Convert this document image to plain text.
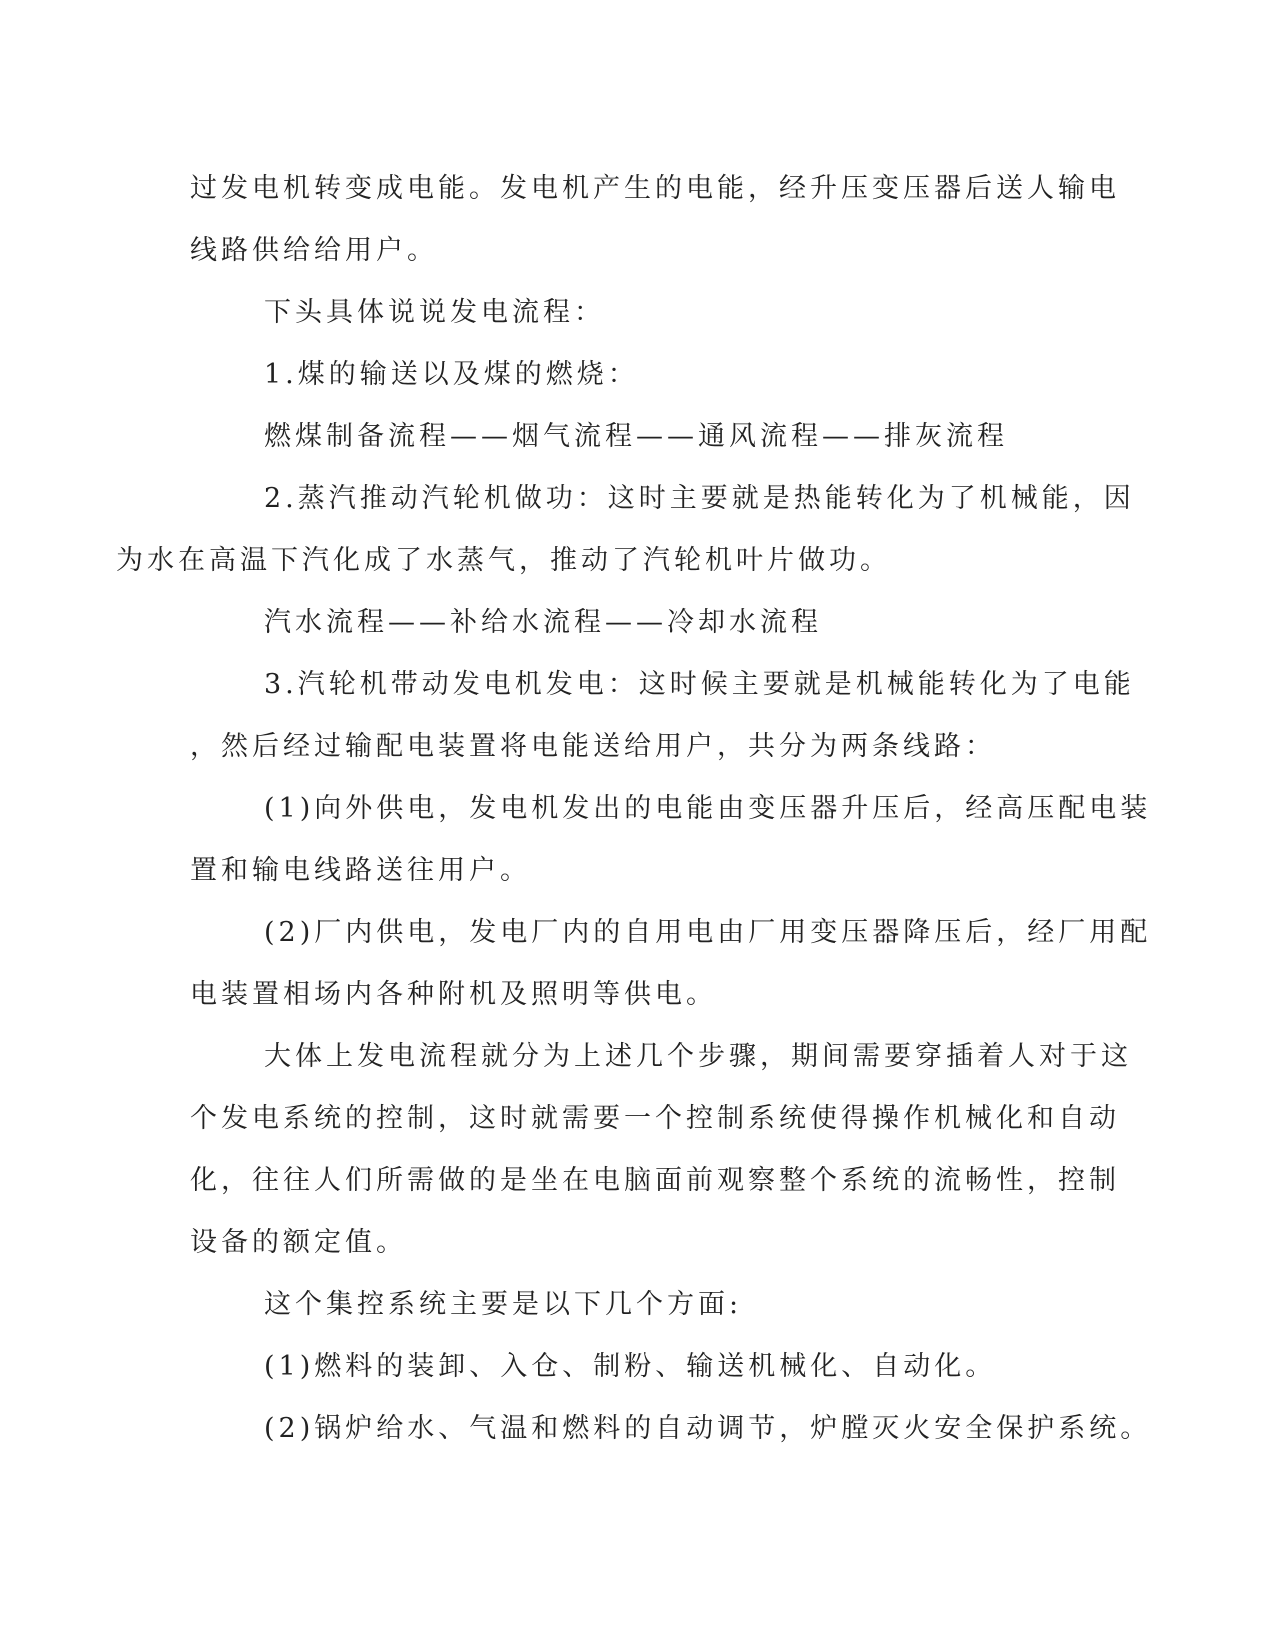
过发电机转变成电能。发电机产生的电能，经升压变压器后送人输电
线路供给给用户。

下头具体说说发电流程：

1.煤的输送以及煤的燃烧：

燃煤制备流程——烟气流程——通风流程——排灰流程

2.蒸汽推动汽轮机做功：这时主要就是热能转化为了机械能，因
为水在高温下汽化成了水蒸气，推动了汽轮机叶片做功。

汽水流程——补给水流程——冷却水流程

3.汽轮机带动发电机发电：这时候主要就是机械能转化为了电能
，然后经过输配电装置将电能送给用户，共分为两条线路：

(1)向外供电，发电机发出的电能由变压器升压后，经高压配电装
置和输电线路送往用户。

(2)厂内供电，发电厂内的自用电由厂用变压器降压后，经厂用配
电装置相场内各种附机及照明等供电。

大体上发电流程就分为上述几个步骤，期间需要穿插着人对于这
个发电系统的控制，这时就需要一个控制系统使得操作机械化和自动
化，往往人们所需做的是坐在电脑面前观察整个系统的流畅性，控制
设备的额定值。

这个集控系统主要是以下几个方面:

(1)燃料的装卸、入仓、制粉、输送机械化、自动化。

(2)锅炉给水、气温和燃料的自动调节，炉膛灭火安全保护系统。
